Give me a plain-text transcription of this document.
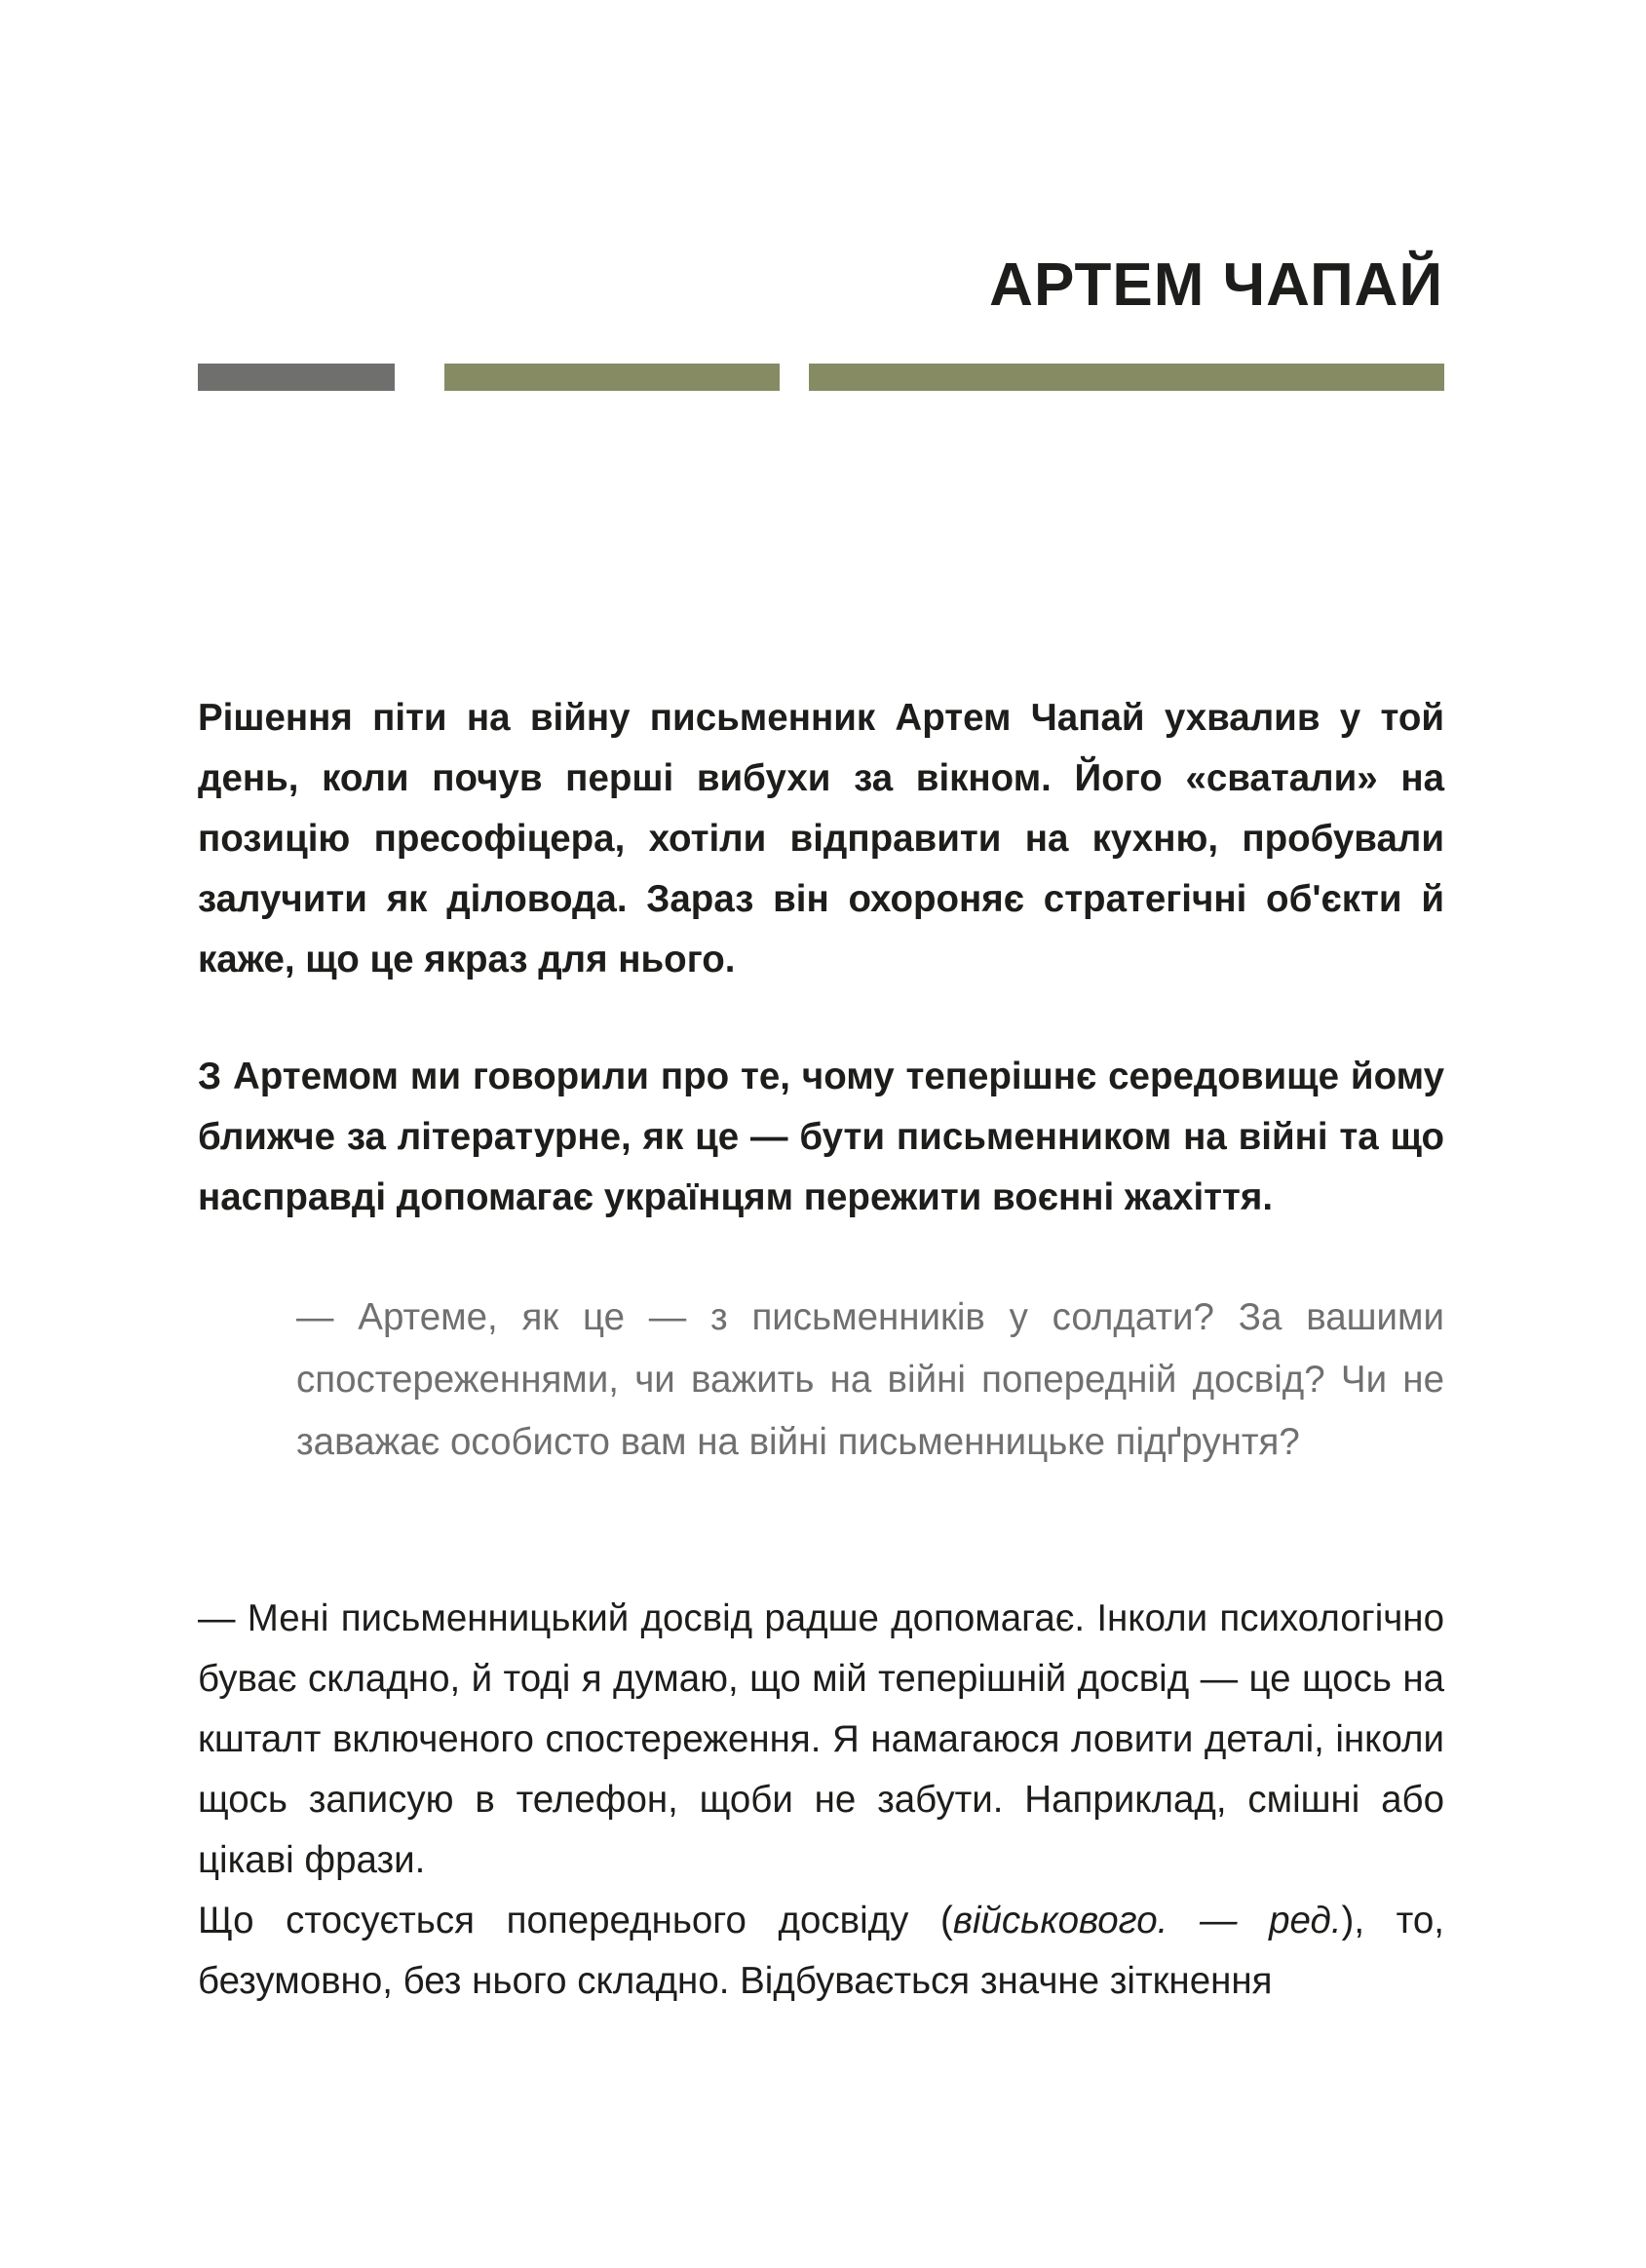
АРТЕМ ЧАПАЙ

Рішення піти на війну письменник Артем Чапай ухвалив у той день, коли почув перші вибухи за вікном. Його «сватали» на позицію пресофіцера, хотіли відправити на кухню, пробували залучити як діловода. Зараз він охороняє стратегічні об'єкти й каже, що це якраз для нього.

З Артемом ми говорили про те, чому теперішнє середовище йому ближче за літературне, як це — бути письменником на війні та що насправді допомагає українцям пережити воєнні жахіття.

— Артеме, як це — з письменників у солдати? За вашими спостереженнями, чи важить на війні попередній досвід? Чи не заважає особисто вам на війні письменницьке підґрунтя?

— Мені письменницький досвід радше допомагає. Інколи психологічно буває складно, й тоді я думаю, що мій теперішній досвід — це щось на кшталт включеного спостереження. Я намагаюся ловити деталі, інколи щось записую в телефон, щоби не забути. Наприклад, смішні або цікаві фрази.

Що стосується попереднього досвіду (військового. — ред.), то, безумовно, без нього складно. Відбувається значне зіткнення
